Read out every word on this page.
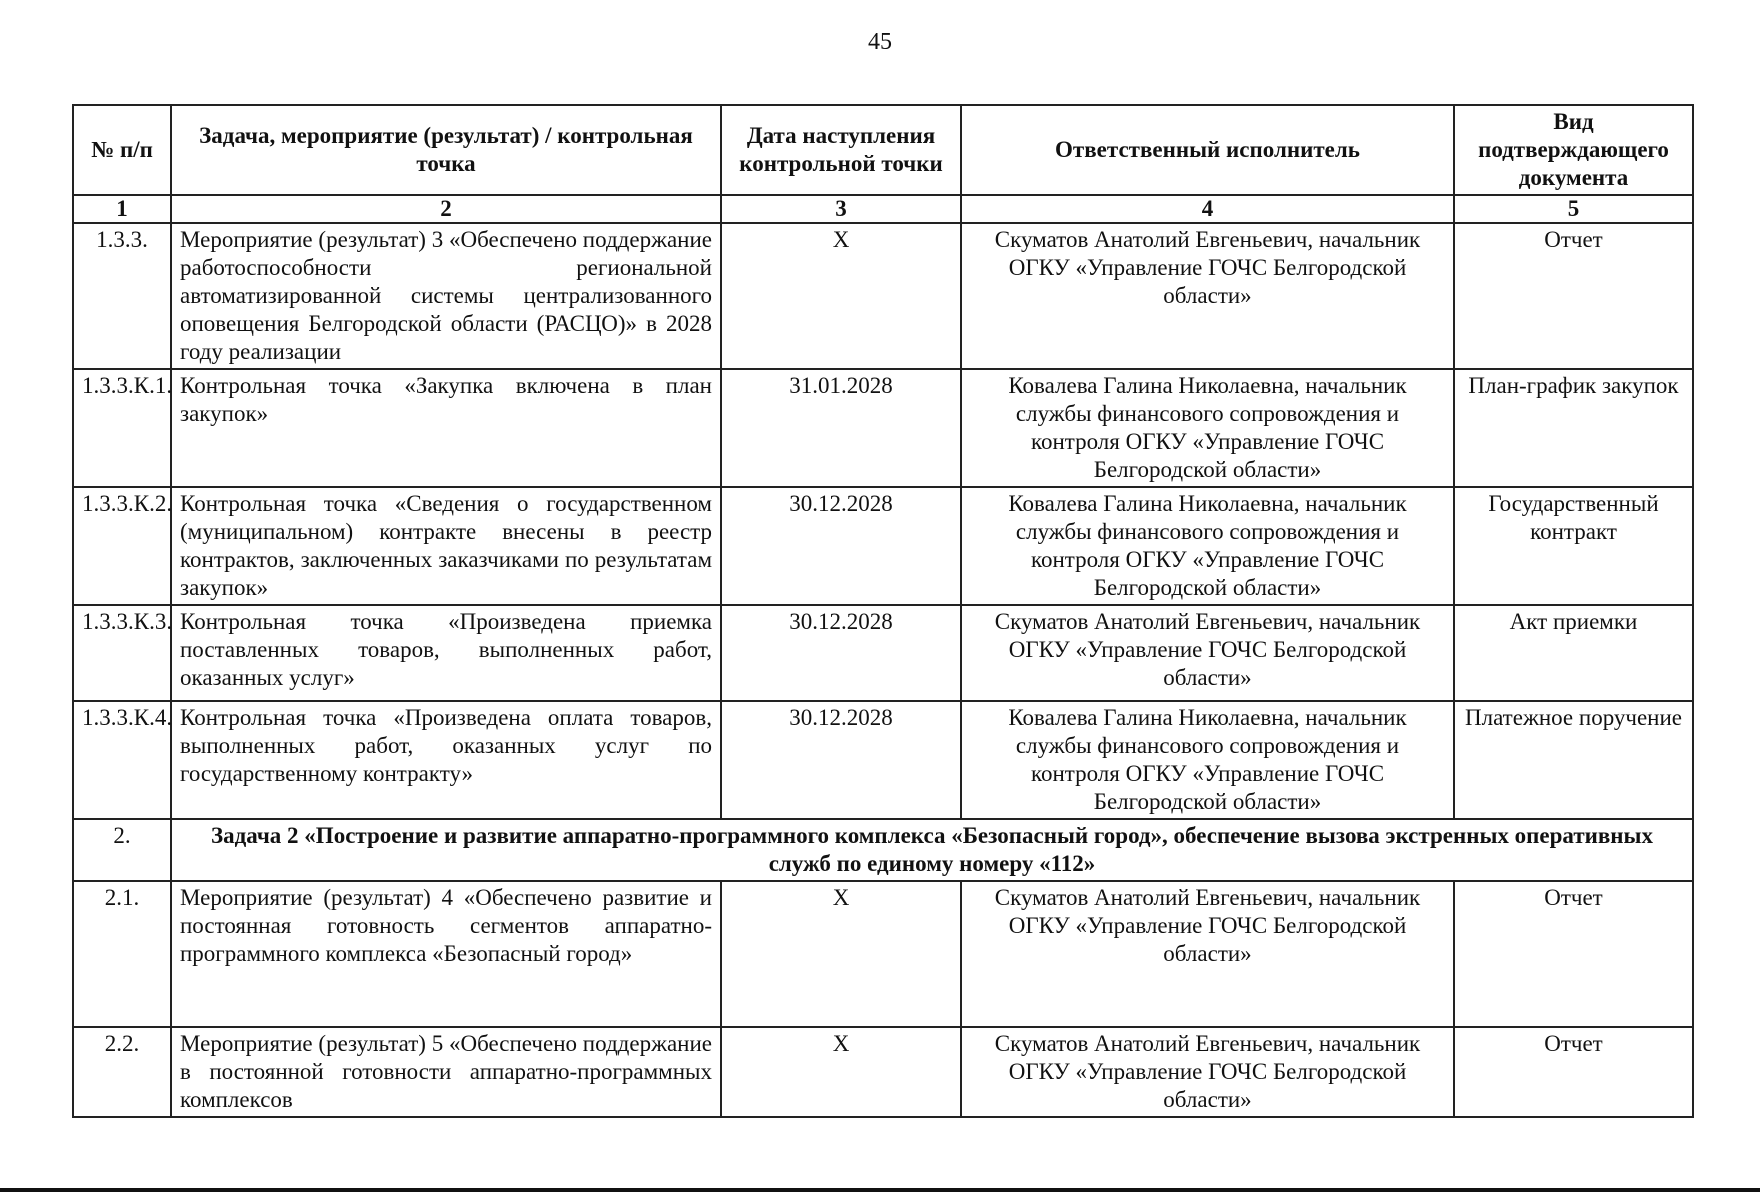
45
№ п/п	Задача, мероприятие (результат) / контрольная точка	Дата наступления контрольной точки	Ответственный исполнитель	Вид подтверждающего документа
1	2	3	4	5
1.3.3.	Мероприятие (результат) 3 «Обеспечено поддержание работоспособности региональной автоматизированной системы централизованного оповещения Белгородской области (РАСЦО)» в 2028 году реализации	Х	Скуматов Анатолий Евгеньевич, начальник ОГКУ «Управление ГОЧС Белгородской области»	Отчет
1.3.3.К.1.	Контрольная точка «Закупка включена в план закупок»	31.01.2028	Ковалева Галина Николаевна, начальник службы финансового сопровождения и контроля ОГКУ «Управление ГОЧС Белгородской области»	План-график закупок
1.3.3.К.2.	Контрольная точка «Сведения о государственном (муниципальном) контракте внесены в реестр контрактов, заключенных заказчиками по результатам закупок»	30.12.2028	Ковалева Галина Николаевна, начальник службы финансового сопровождения и контроля ОГКУ «Управление ГОЧС Белгородской области»	Государственный контракт
1.3.3.К.3.	Контрольная точка «Произведена приемка поставленных товаров, выполненных работ, оказанных услуг»	30.12.2028	Скуматов Анатолий Евгеньевич, начальник ОГКУ «Управление ГОЧС Белгородской области»	Акт приемки
1.3.3.К.4.	Контрольная точка «Произведена оплата товаров, выполненных работ, оказанных услуг по государственному контракту»	30.12.2028	Ковалева Галина Николаевна, начальник службы финансового сопровождения и контроля ОГКУ «Управление ГОЧС Белгородской области»	Платежное поручение
2.	Задача 2 «Построение и развитие аппаратно-программного комплекса «Безопасный город», обеспечение вызова экстренных оперативных служб по единому номеру «112»			
2.1.	Мероприятие (результат) 4 «Обеспечено развитие и постоянная готовность сегментов аппаратно-программного комплекса «Безопасный город»	Х	Скуматов Анатолий Евгеньевич, начальник ОГКУ «Управление ГОЧС Белгородской области»	Отчет
2.2.	Мероприятие (результат) 5 «Обеспечено поддержание в постоянной готовности аппаратно-программных комплексов	Х	Скуматов Анатолий Евгеньевич, начальник ОГКУ «Управление ГОЧС Белгородской области»	Отчет
